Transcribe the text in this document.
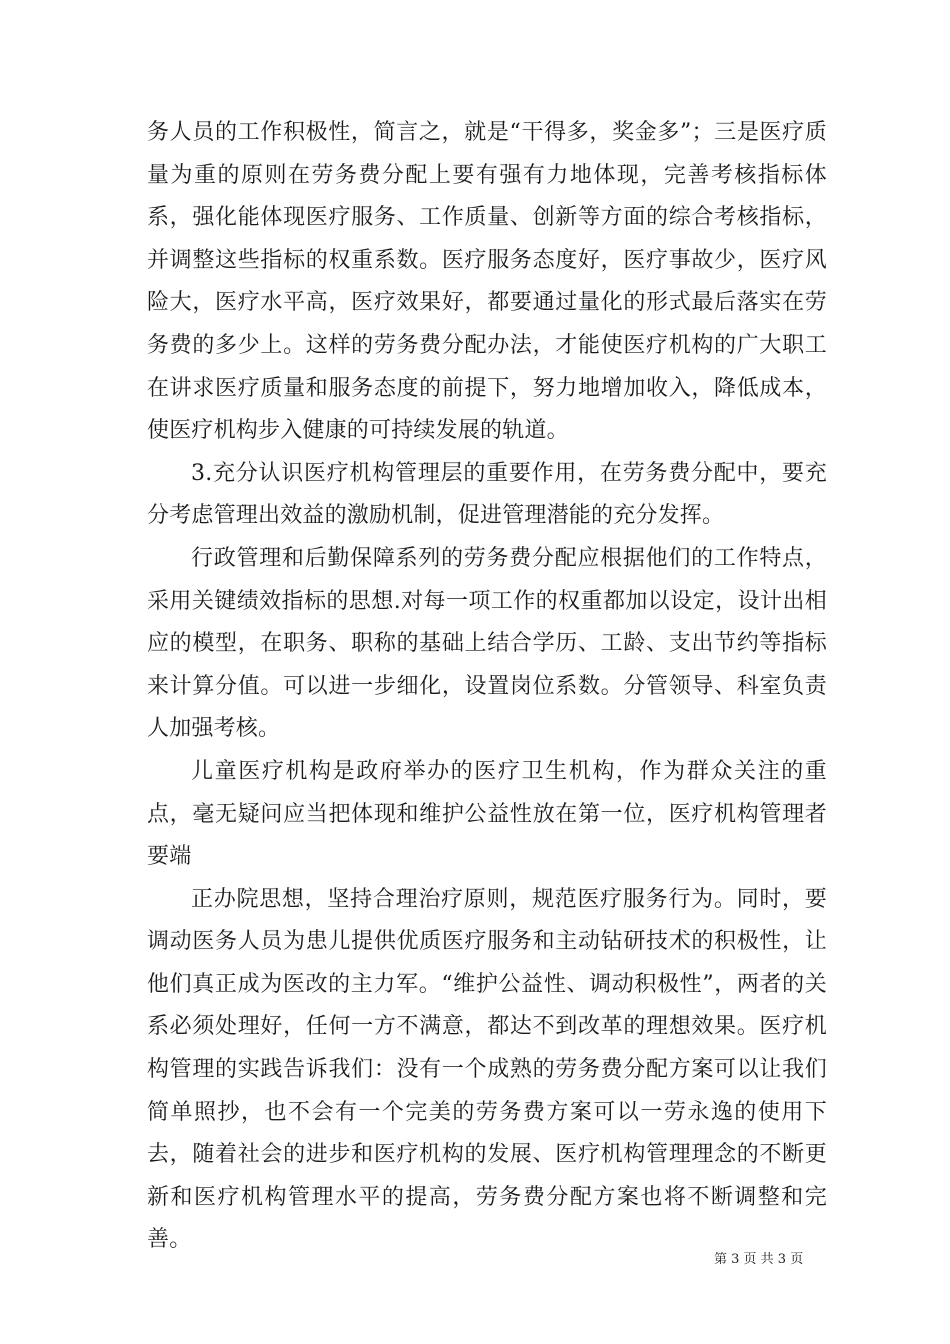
务人员的工作积极性，简言之，就是“干得多，奖金多”；三是医疗质量为重的原则在劳务费分配上要有强有力地体现，完善考核指标体系，强化能体现医疗服务、工作质量、创新等方面的综合考核指标，并调整这些指标的权重系数。医疗服务态度好，医疗事故少，医疗风险大，医疗水平高，医疗效果好，都要通过量化的形式最后落实在劳务费的多少上。这样的劳务费分配办法，才能使医疗机构的广大职工在讲求医疗质量和服务态度的前提下，努力地增加收入，降低成本，使医疗机构步入健康的可持续发展的轨道。

3.充分认识医疗机构管理层的重要作用，在劳务费分配中，要充分考虑管理出效益的激励机制，促进管理潜能的充分发挥。

行政管理和后勤保障系列的劳务费分配应根据他们的工作特点，采用关键绩效指标的思想.对每一项工作的权重都加以设定，设计出相应的模型，在职务、职称的基础上结合学历、工龄、支出节约等指标来计算分值。可以进一步细化，设置岗位系数。分管领导、科室负责人加强考核。

儿童医疗机构是政府举办的医疗卫生机构，作为群众关注的重点，毫无疑问应当把体现和维护公益性放在第一位，医疗机构管理者要端

正办院思想，坚持合理治疗原则，规范医疗服务行为。同时，要调动医务人员为患儿提供优质医疗服务和主动钻研技术的积极性，让他们真正成为医改的主力军。“维护公益性、调动积极性”，两者的关系必须处理好，任何一方不满意，都达不到改革的理想效果。医疗机构管理的实践告诉我们：没有一个成熟的劳务费分配方案可以让我们简单照抄，也不会有一个完美的劳务费方案可以一劳永逸的使用下去，随着社会的进步和医疗机构的发展、医疗机构管理理念的不断更新和医疗机构管理水平的提高，劳务费分配方案也将不断调整和完善。

第 3 页 共 3 页
